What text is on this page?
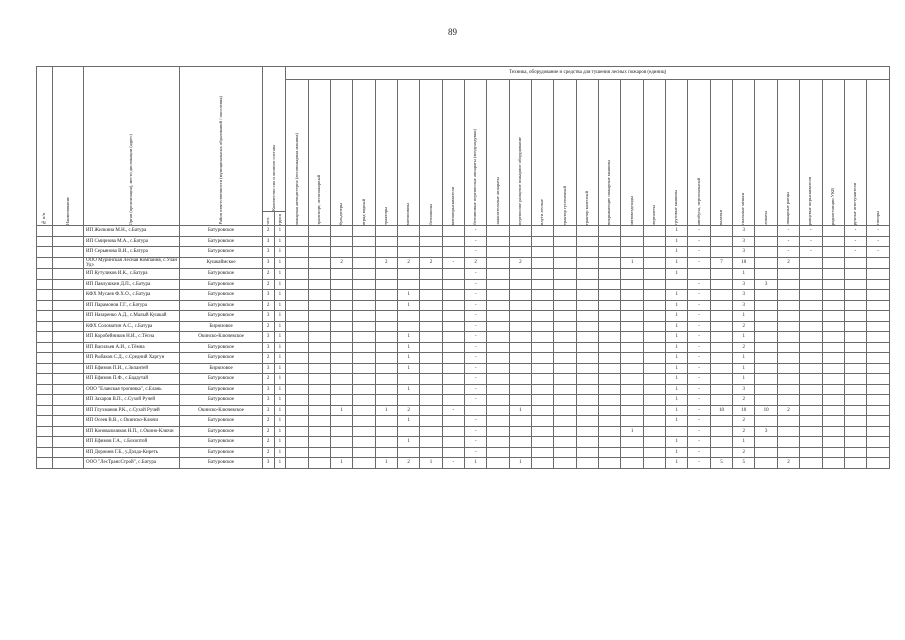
89
№ п/п	Наименование	Орган (организация), место дислокации (адрес)	Район ответственности (муниципальных образований / поселения)	Количество сил и личного состава		Техника, оборудование и средства для тушения лесных пожаров (единиц)																										

						пожарная автоцистерна (лесопожарная машина)	транспорт, лесопожарный	бульдозеры	отряд водный	тракторы	мотопомпы	бензопилы	мотоопрыскиватели	бензиновые переносные аппараты (воздуходувки)	зажигательные аппараты	переносное ранцевое пожарное оборудование	плуги лесные	трактор гусеничный	трактор колесный	покрывающие пожарные машины	мотовездеходы	вертолеты	грузовые машины	автобусы, персональный	палатки	спальные мешки	лопаты	пожарные ранцы	ранцевые опрыскиватели	радиостанции УКВ	ручные огнетушители	топоры

				чел.	групп																											

		ИП Жилкина М.Н., с.Батура	Батуровское	2	1									-									1	-		3		-	-		-	-
		ИП Смирнова М.А., с.Батура	Батуровское	3	1									-									1	-		3		-	-		-	-
		ИП Серьянова В.И., с.Батура	Батуровское	3	1									-									1	-		3		-	-		-	-
		ООО Муринская Лесная Компания, с.Улан Удэ	Кушкаймское	3	1			2		2	2	2	-	2		2					1		1	-	7	10		2				
		ИП Кутуликов И.К., с.Батура	Батуровское	2	1									-									1			1						
		ИП Павлушкин Д.П., с.Батура	Батуровское	2	1									-										-		3	3					
		КФХ Мусаев Ф.Х.О., с.Батура	Батуровское	3	1						1			-									1	-		3						
		ИП Парамонов Г.Г., с.Батура	Батуровское	2	1						1			-									1	-		3						
		ИП Назаренко А.Д., с.Малый Кушкай	Батуровское	3	1									-									1	-		1						
		КФХ Соломатин А.С., с.Батура	Бирюзовое	2	1									-									1	-		2						
		ИП Коробейников Н.И., с.Тёсна	Окинско-Ключевское	3	1						1			-									1	-		1						
		ИП Васильев А.И., с.Тёмна	Батуровское	3	1						1			-									1	-		2						
		ИП Рыбаков С.Д., с.Средний Харгун	Батуровское	2	1						1			-									1	-		1						
		ИП Ефимов П.И., с.Зилантей	Бирюзовое	3	1						1			-									1	-		1						
		ИП Ефимов П.Ф., с.Бадаутай	Батуровское	2	1									-									1	-		1						
		ООО "Еланская тропинка", с.Елань	Батуровское	3	1						1			-									1	-		3						
		ИП Захаров В.П., с.Сухой Ручей	Батуровское	3	1									-									1	-		2						
		ИП Глухманов Р.К., с.Сухой Ручей	Окинско-Ключевское	3	1			1		1	2		-			1							1	-	10	10	10	2				
		ИП Осеев В.В., с.Окинско-Ключи	Батуровское	2	1						1			-									1	-		2						
		ИП Коновальчиков Н.П., с.Окино-Ключи	Батуровское	2	1									-							1			-		2	3					
		ИП Ефимов Г.А., с.Бохоптой	Батуровское	2	1						1			-									1	-		1						
		ИП Доржиев Г.Б., у.Дэлда-Киреть	Батуровское	2	1									-									1	-		2						
		ООО "ЛесТрансСтрой", с.Батура	Батуровское	3	1			1		1	2	1	-	1		1							1	-	5	5		2				
